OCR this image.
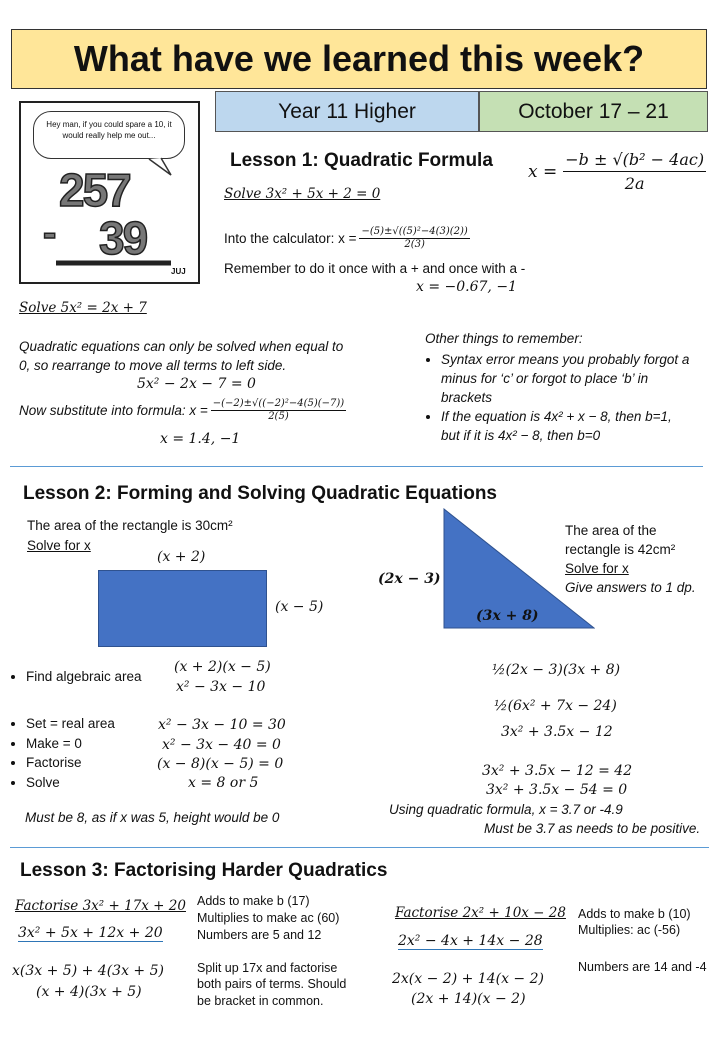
What have we learned this week?
Year 11 Higher	October 17 – 21
Hey man, if you could spare a 10, it would really help me out...
257
- 39
JUJ
Lesson 1: Quadratic Formula
$x = \frac{\text{−b ± √(b² − 4ac)}}{2a}$
Solve 3x² + 5x + 2 = 0
Into the calculator: $x = \frac{\text{−(5)±√((5)²−4(3)(2))}}{2(3)}$
Remember to do it once with a + and once with a -
x = −0.67, −1
Solve 5x² = 2x + 7
Quadratic equations can only be solved when equal to
0, so rearrange to move all terms to left side.
5x² − 2x − 7 = 0
Now substitute into formula: $x = \frac{\text{−(−2)±√((−2)²−4(5)(−7))}}{2(5)}$
x = 1.4, −1
Other things to remember:
• Syntax error means you probably forgot a minus for ‘c’ or forgot to place ‘b’ in brackets
• If the equation is 4x² + x − 8, then b=1, but if it is 4x² − 8, then b=0
Lesson 2: Forming and Solving Quadratic Equations
The area of the rectangle is 30cm²
Solve for x
(x + 2)
(x − 5)
• Find algebraic area
• Set = real area
• Make = 0
• Factorise
• Solve
(x + 2)(x − 5)
x² − 3x − 10
x² − 3x − 10 = 30
x² − 3x − 40 = 0
(x − 8)(x − 5) = 0
x = 8 or 5
Must be 8, as if x was 5, height would be 0
(2x − 3)
(3x + 8)
The area of the
rectangle is 42cm²
Solve for x
Give answers to 1 dp.
½(2x − 3)(3x + 8)
½(6x² + 7x − 24)
3x² + 3.5x − 12
3x² + 3.5x − 12 = 42
3x² + 3.5x − 54 = 0
Using quadratic formula, x = 3.7 or -4.9
Must be 3.7 as needs to be positive.
Lesson 3: Factorising Harder Quadratics
Factorise 3x² + 17x + 20
3x² + 5x + 12x + 20
Adds to make b (17)
Multiplies to make ac (60)
Numbers are 5 and 12
Split up 17x and factorise
both pairs of terms. Should
be bracket in common.
x(3x + 5) + 4(3x + 5)
(x + 4)(3x + 5)
Factorise 2x² + 10x − 28
2x² − 4x + 14x − 28
Adds to make b (10)
Multiplies: ac (-56)
Numbers are 14 and -4
2x(x − 2) + 14(x − 2)
(2x + 14)(x − 2)
